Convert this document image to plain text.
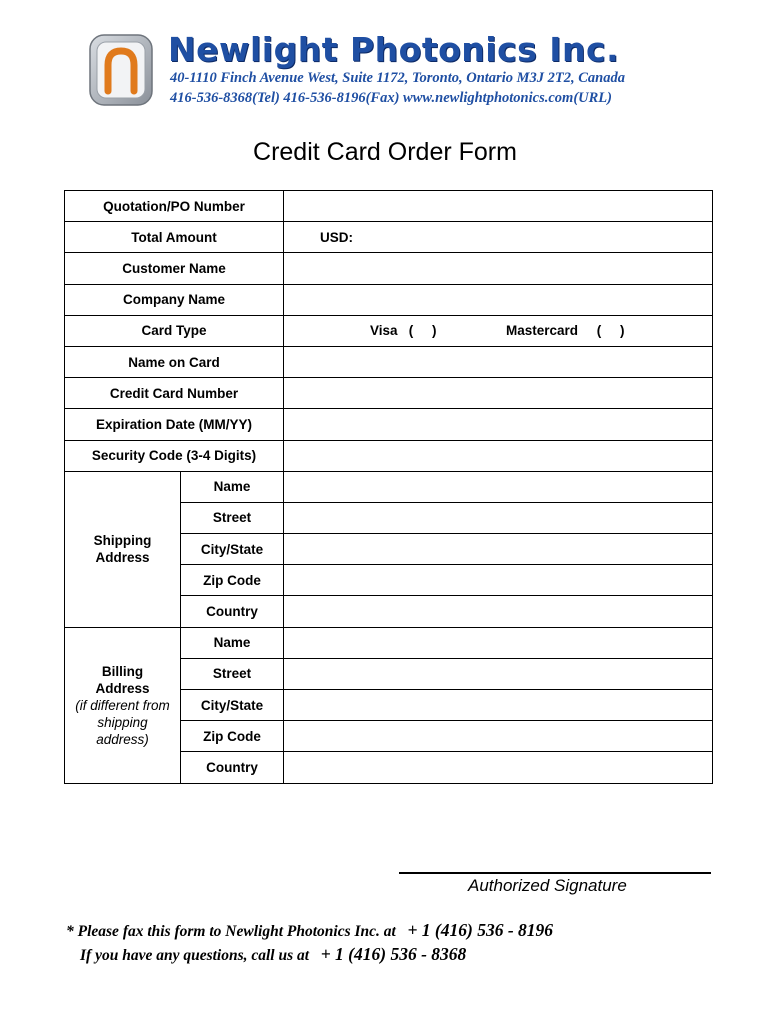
Newlight Photonics Inc.
40-1110 Finch Avenue West, Suite 1172, Toronto, Ontario M3J 2T2, Canada
416-536-8368(Tel) 416-536-8196(Fax) www.newlightphotonics.com(URL)
Credit Card Order Form
Quotation/PO Number		
Total Amount		USD:
Customer Name		
Company Name		
Card Type		Visa   (     ) Mastercard     (     )

Name on Card		
Credit Card Number		
Expiration Date (MM/YY)		
Security Code (3-4 Digits)		
Shipping
Address	Name	
	Street	
	City/State	
	Zip Code	
	Country	
Billing
Address
(if different from
shipping
address)	Name	
	Street	
	City/State	
	Zip Code	
	Country	
Authorized Signature
* Please fax this form to Newlight Photonics Inc. at + 1 (416) 536 - 8196
If you have any questions, call us at + 1 (416) 536 - 8368
